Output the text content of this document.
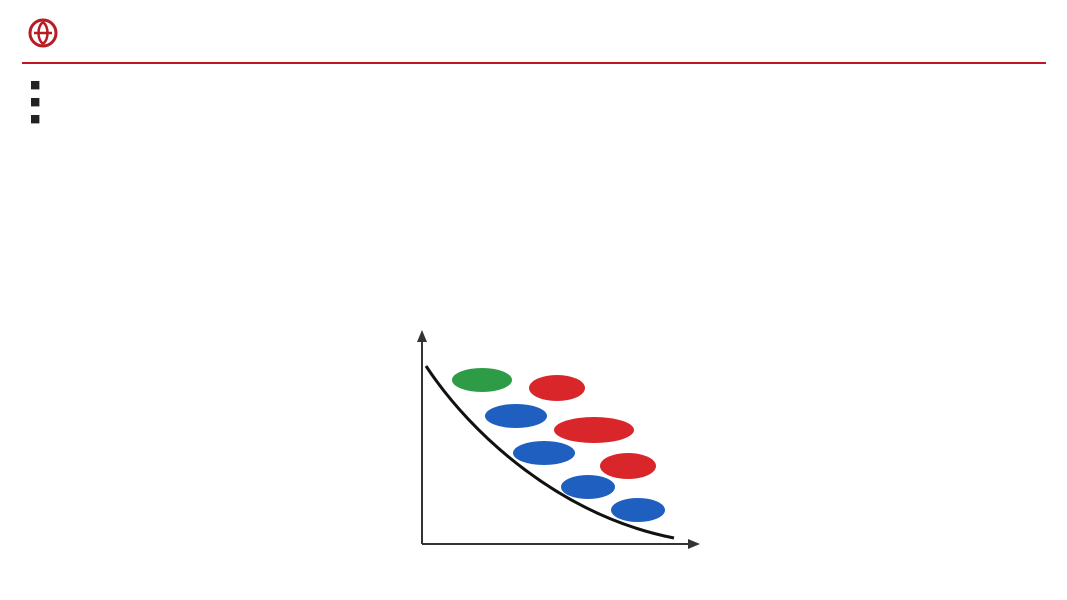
■
■
■
